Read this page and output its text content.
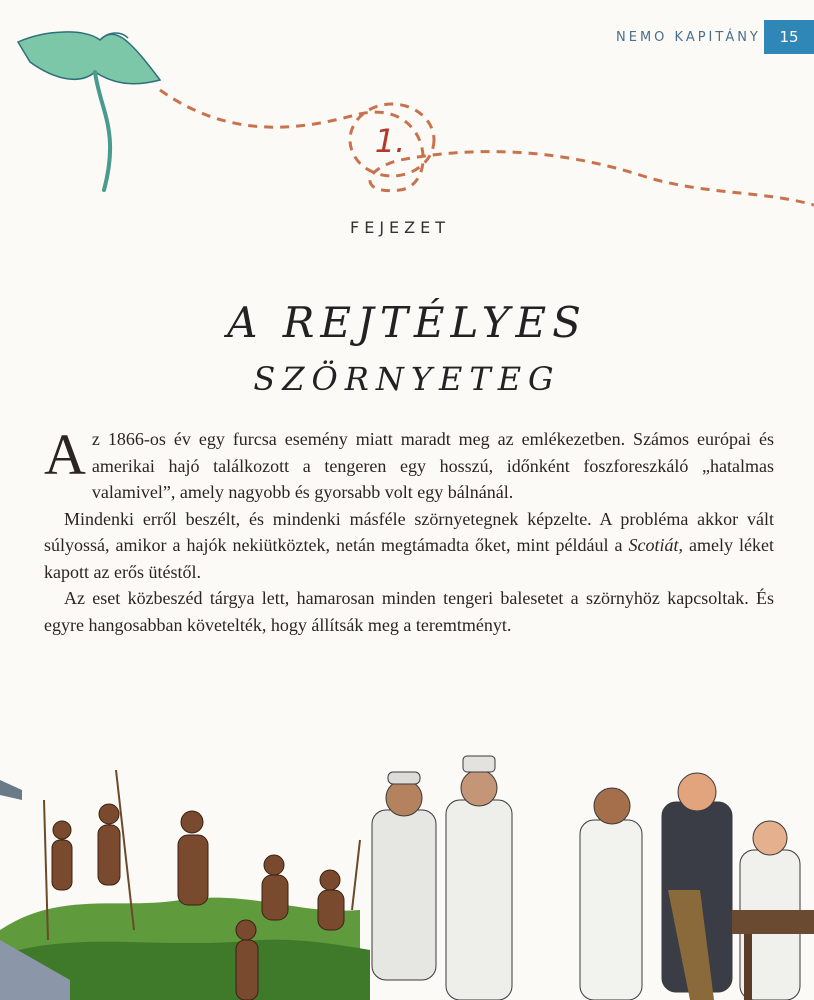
NEMO KAPITÁNY 15
1.
FEJEZET
A REJTÉLYES
SZÖRNYETEG

Az 1866-os év egy furcsa esemény miatt maradt meg az emlékezetben. Számos európai és amerikai hajó találkozott a tengeren egy hosszú, időnként foszforeszkáló „hatalmas valamivel”, amely nagyobb és gyorsabb volt egy bálnánál.

Mindenki erről beszélt, és mindenki másféle szörnyetegnek képzelte. A probléma akkor vált súlyossá, amikor a hajók nekiütköztek, netán megtámadta őket, mint például a Scotiát, amely léket kapott az erős ütéstől.

Az eset közbeszéd tárgya lett, hamarosan minden tengeri balesetet a szörnyhöz kapcsoltak. És egyre hangosabban követelték, hogy állítsák meg a teremtményt.
